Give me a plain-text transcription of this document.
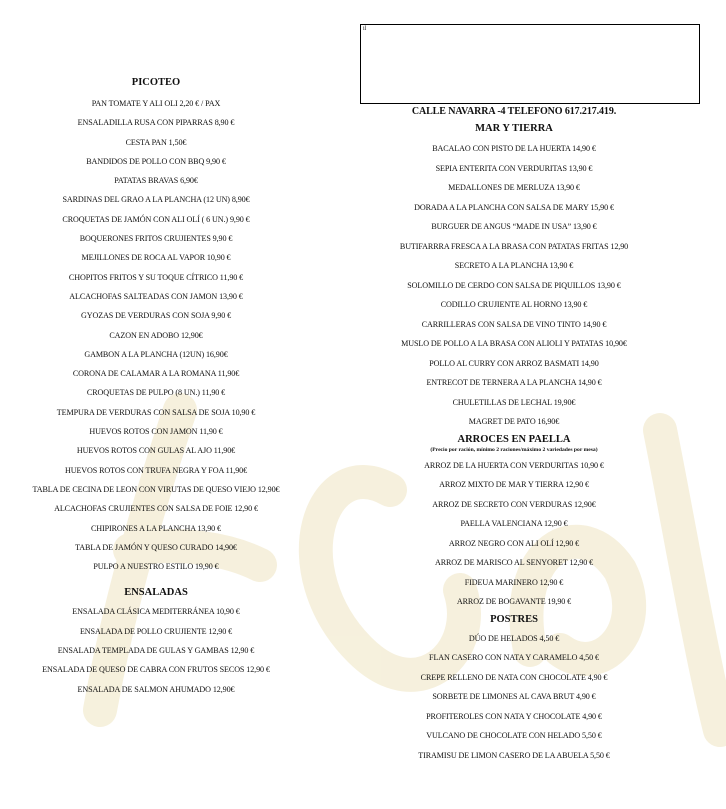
il
PICOTEO
PAN TOMATE Y ALI OLI 2,20 € / PAX
ENSALADILLA RUSA CON PIPARRAS 8,90 €
CESTA PAN 1,50€
BANDIDOS DE POLLO CON BBQ 9,90 €
PATATAS BRAVAS 6,90€
SARDINAS DEL GRAO A LA PLANCHA (12 UN) 8,90€
CROQUETAS DE JAMÓN CON ALI OLÍ ( 6 UN.) 9,90 €
BOQUERONES FRITOS CRUJIENTES 9,90 €
MEJILLONES DE ROCA AL VAPOR 10,90 €
CHOPITOS FRITOS Y SU TOQUE CÍTRICO 11,90 €
ALCACHOFAS SALTEADAS CON JAMON 13,90 €
GYOZAS DE VERDURAS CON SOJA 9,90 €
CAZON EN ADOBO 12,90€
GAMBON A LA PLANCHA (12UN) 16,90€
CORONA DE CALAMAR A LA ROMANA 11,90€
CROQUETAS DE PULPO (8 UN.) 11,90 €
TEMPURA DE VERDURAS CON SALSA DE SOJA 10,90 €
HUEVOS ROTOS CON JAMON 11,90 €
HUEVOS ROTOS CON GULAS AL AJO 11,90€
HUEVOS ROTOS CON TRUFA NEGRA Y FOA 11,90€
TABLA DE CECINA DE LEON CON VIRUTAS DE QUESO VIEJO 12,90€
ALCACHOFAS CRUJIENTES CON SALSA DE FOIE 12,90 €
CHIPIRONES A LA PLANCHA 13,90 €
TABLA DE JAMÓN Y QUESO CURADO 14,90€
PULPO A NUESTRO ESTILO 19,90 €
ENSALADAS
ENSALADA CLÁSICA MEDITERRÁNEA 10,90 €
ENSALADA DE POLLO CRUJIENTE 12,90 €
ENSALADA TEMPLADA DE GULAS Y GAMBAS 12,90 €
ENSALADA DE QUESO DE CABRA CON FRUTOS SECOS 12,90 €
ENSALADA DE SALMON AHUMADO 12,90€
CALLE NAVARRA -4 TELEFONO 617.217.419.
MAR Y TIERRA
BACALAO CON PISTO DE LA HUERTA 14,90 €
SEPIA ENTERITA CON VERDURITAS 13,90 €
MEDALLONES DE MERLUZA 13,90 €
DORADA A LA PLANCHA CON SALSA DE MARY 15,90 €
BURGUER DE ANGUS “MADE IN USA” 13,90 €
BUTIFARRRA FRESCA A LA BRASA CON PATATAS FRITAS 12,90
SECRETO A LA PLANCHA 13,90 €
SOLOMILLO DE CERDO CON SALSA DE PIQUILLOS 13,90 €
CODILLO CRUJIENTE AL HORNO 13,90 €
CARRILLERAS CON SALSA DE VINO TINTO 14,90 €
MUSLO DE POLLO A LA BRASA CON ALIOLI Y PATATAS 10,90€
POLLO AL CURRY CON ARROZ BASMATI 14,90
ENTRECOT DE TERNERA A LA PLANCHA 14,90 €
CHULETILLAS DE LECHAL 19,90€
MAGRET DE PATO 16,90€
ARROCES EN PAELLA
(Precio por ración, mínimo 2 raciones/máximo 2 variedades por mesa)
ARROZ DE LA HUERTA CON VERDURITAS 10,90 €
ARROZ MIXTO DE MAR Y TIERRA 12,90 €
ARROZ DE SECRETO CON VERDURAS 12,90€
PAELLA VALENCIANA 12,90 €
ARROZ NEGRO CON ALI OLÍ 12,90 €
ARROZ DE MARISCO AL SENYORET 12,90 €
FIDEUA MARINERO 12,90 €
ARROZ DE BOGAVANTE 19,90 €
POSTRES
DÚO DE HELADOS 4,50 €
FLAN CASERO CON NATA Y CARAMELO 4,50 €
CREPE RELLENO DE NATA CON CHOCOLATE 4,90 €
SORBETE DE LIMONES AL CAVA BRUT 4,90 €
PROFITEROLES CON NATA Y CHOCOLATE 4,90 €
VULCANO DE CHOCOLATE CON HELADO 5,50 €
TIRAMISU DE LIMON CASERO DE LA ABUELA 5,50 €
